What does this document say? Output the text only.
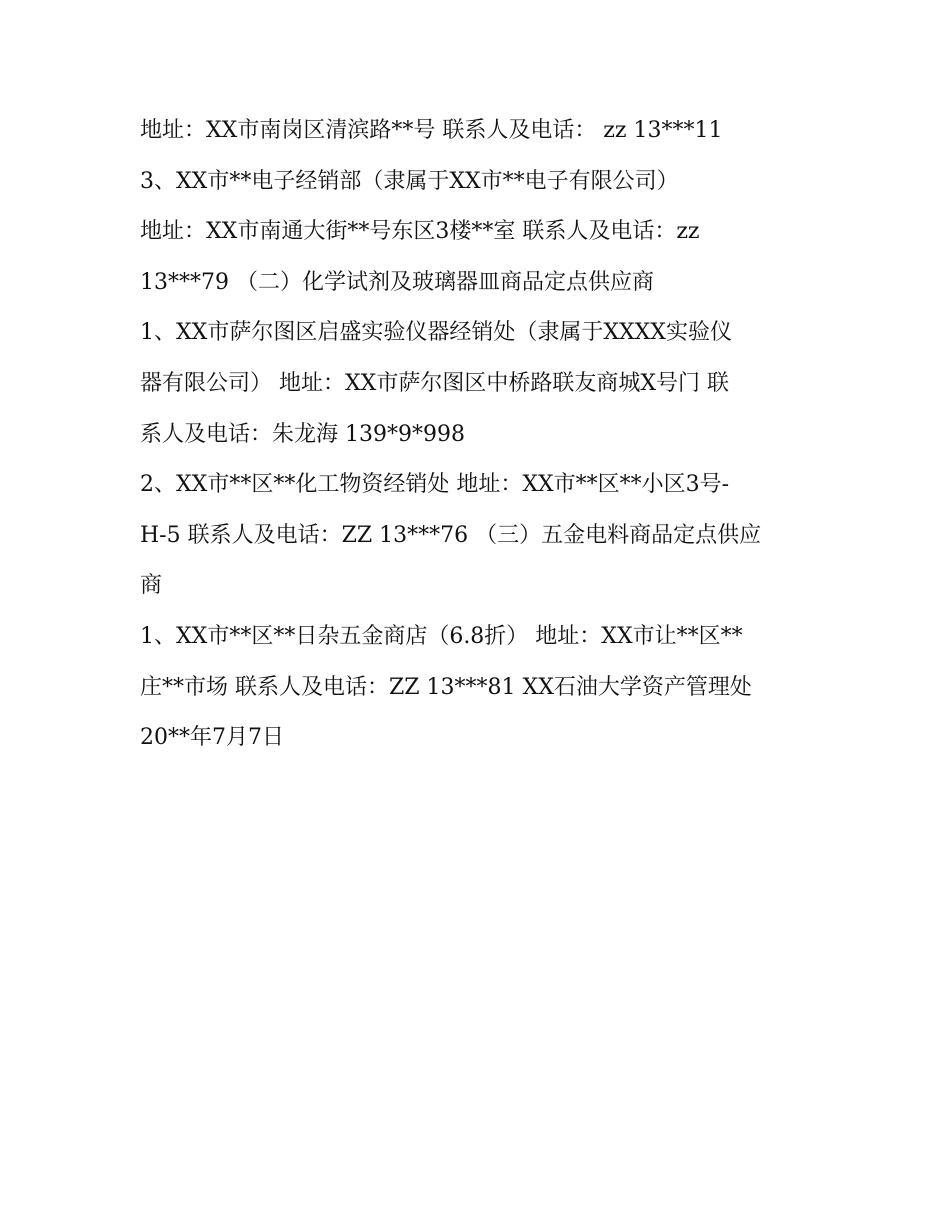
地址：XX市南岗区清滨路**号 联系人及电话： zz 13***11
3、XX市**电子经销部（隶属于XX市**电子有限公司）
地址：XX市南通大街**号东区3楼**室 联系人及电话：zz
13***79 （二）化学试剂及玻璃器皿商品定点供应商
1、XX市萨尔图区启盛实验仪器经销处（隶属于XXXX实验仪
器有限公司） 地址：XX市萨尔图区中桥路联友商城X号门 联
系人及电话：朱龙海 139*9*998
2、XX市**区**化工物资经销处 地址：XX市**区**小区3号-
H-5 联系人及电话：ZZ 13***76 （三）五金电料商品定点供应
商
1、XX市**区**日杂五金商店（6.8折） 地址：XX市让**区**
庄**市场 联系人及电话：ZZ 13***81 XX石油大学资产管理处
20**年7月7日
